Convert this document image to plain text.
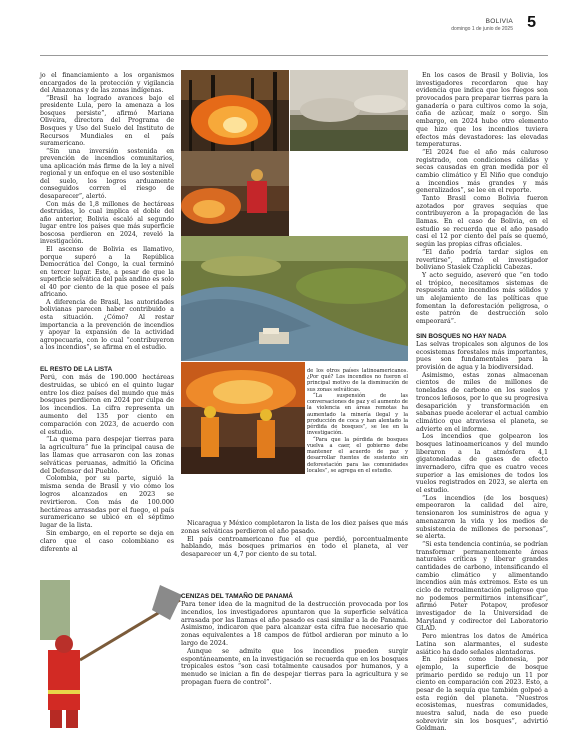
BOLIVIA
domingo 1 de junio de 2025 5

jo el financiamiento a los organismos encargados de la protección y vigilancia del Amazonas y de las zonas indígenas.

“Brasil ha logrado avances bajo el presidente Lula, pero la amenaza a los bosques persiste”, afirmó Mariana Oliveira, directora del Programa de Bosques y Uso del Suelo del Instituto de Recursos Mundiales en el país suramericano.

“Sin una inversión sostenida en prevención de incendios comunitarios, una aplicación más firme de la ley a nivel regional y un enfoque en el uso sostenible del suelo, los logros arduamente conseguidos corren el riesgo de desaparecer”, alertó.

Con más de 1,8 millones de hectáreas destruidas, lo cual implica el doble del año anterior, Bolivia escaló al segundo lugar entre los países que más superficie boscosa perdieron en 2024, reveló la investigación.

El ascenso de Bolivia es llamativo, porque superó a la República Democrática del Congo, la cual terminó en tercer lugar. Este, a pesar de que la superficie selvática del país andino es solo el 40 por ciento de la que posee el país africano.

A diferencia de Brasil, las autoridades bolivianas parecen haber contribuido a esta situación. ¿Cómo? Al restar importancia a la prevención de incendios y apoyar la expansión de la actividad agropecuaria, con lo cual “contribuyeron a los incendios”, se afirma en el estudio.

EL RESTO DE LA LISTA

Perú, con más de 190.000 hectáreas destruidas, se ubicó en el quinto lugar entre los diez países del mundo que más bosques perdieron en 2024 por culpa de los incendios. La cifra representa un aumento del 135 por ciento en comparación con 2023, de acuerdo con el estudio.

“La quema para despejar tierras para la agricultura” fue la principal causa de las llamas que arrasaron con las zonas selváticas peruanas, admitió la Oficina del Defensor del Pueblo.

Colombia, por su parte, siguió la misma senda de Brasil y vio cómo los logros alcanzados en 2023 se revirtieron. Con más de 100.000 hectáreas arrasadas por el fuego, el país suramericano se ubicó en el séptimo lugar de la lista.

Sin embargo, en el reporte se deja en claro que el caso colombiano es diferente al

de los otros países latinoamericanos. ¿Por qué? Los incendios no fueron el principal motivo de la disminución de sus zonas selváticas.

“La suspensión de las conversaciones de paz y el aumento de la violencia en áreas remotas ha aumentado la minería ilegal y la producción de coca y han alentado la pérdida de bosques”, se lee en la investigación.

“Para que la pérdida de bosques vuelva a caer, el gobierno debe mantener el acuerdo de paz y desarrollar fuentes de sustento sin deforestación para las comunidades locales”, se agrega en el estudio.

Nicaragua y México completaron la lista de los diez países que más zonas selváticas perdieron el año pasado.

El país centroamericano fue el que perdió, porcentualmente hablando, más bosques primarios en todo el planeta, al ver desaparecer un 4,7 por ciento de su total.

CENIZAS DEL TAMAÑO DE PANAMÁ

Para tener idea de la magnitud de la destrucción provocada por los incendios, los investigadores apuntaron que la superficie selvática arrasada por las llamas el año pasado es casi similar a la de Panamá. Asimismo, indicaron que para alcanzar esta cifra fue necesario que zonas equivalentes a 18 campos de fútbol ardieran por minuto a lo largo de 2024.

Aunque se admite que los incendios pueden surgir espontáneamente, en la investigación se recuerda que en los bosques tropicales estos “son casi totalmente causados por humanos, y a menudo se inician a fin de despejar tierras para la agricultura y se propagan fuera de control”.

En los casos de Brasil y Bolivia, los investigadores recordaron que hay evidencia que indica que los fuegos son provocados para preparar tierras para la ganadería o para cultivos como la soja, caña de azúcar, maíz o sorgo. Sin embargo, en 2024 hubo otro elemento que hizo que los incendios tuviera efectos más devastadores: las elevadas temperaturas.

“El 2024 fue el año más caluroso registrado, con condiciones cálidas y secas causadas en gran medida por el cambio climático y El Niño que condujo a incendios más grandes y más generalizados”, se lee en el reporte.

Tanto Brasil como Bolivia fueron azotados por graves sequías que contribuyeron a la propagación de las llamas. En el caso de Bolivia, en el estudio se recuerda que el año pasado casi el 12 por ciento del país se quemó, según las propias cifras oficiales.

“El daño podría tardar siglos en revertirse”, afirmó el investigador boliviano Stasiek Czaplicki Cabezas.

Y acto seguido, aseveró que “en todo el trópico, necesitamos sistemas de respuesta ante incendios más sólidos y un alejamiento de las políticas que fomentan la deforestación peligrosa, o este patrón de destrucción solo empeorará”.

SIN BOSQUES NO HAY NADA

Las selvas tropicales son algunos de los ecosistemas forestales más importantes, pues son fundamentales para la provisión de agua y la biodiversidad.

Asimismo, estas zonas almacenan cientos de miles de millones de toneladas de carbono en los suelos y troncos leñosos, por lo que su progresiva desaparición y transformación en sabanas puede acelerar el actual cambio climático que atraviesa el planeta, se advierte en el informe.

Los incendios que golpearon los bosques latinoamericanos y del mundo liberaron a la atmósfera 4,1 gigatoneladas de gases de efecto invernadero, cifra que es cuatro veces superior a las emisiones de todos los vuelos registrados en 2023, se alerta en el estudio.

“Los incendios (de los bosques) empeoraron la calidad del aire, tensionaron los suministros de agua y amenazaron la vida y los medios de subsistencia de millones de personas”, se alerta.

“Si esta tendencia continúa, se podrían transformar permanentemente áreas naturales críticas y liberar grandes cantidades de carbono, intensificando el cambio climático y alimentando incendios aún más extremos. Este es un ciclo de retroalimentación peligroso que no podemos permitirnos intensificar”, afirmó Peter Potapov, profesor investigador de la Universidad de Maryland y codirector del Laboratorio GLAD.

Pero mientras los datos de América Latina son alarmantes, el sudeste asiático ha dado señales alentadoras.

En países como Indonesia, por ejemplo, la superficie de bosque primario perdido se redujo un 11 por ciento en comparación con 2023. Esto, a pesar de la sequía que también golpeó a esta región del planeta. “Nuestros ecosistemas, nuestras comunidades, nuestra salud, nada de eso puede sobrevivir sin los bosques”, advirtió Goldman.
